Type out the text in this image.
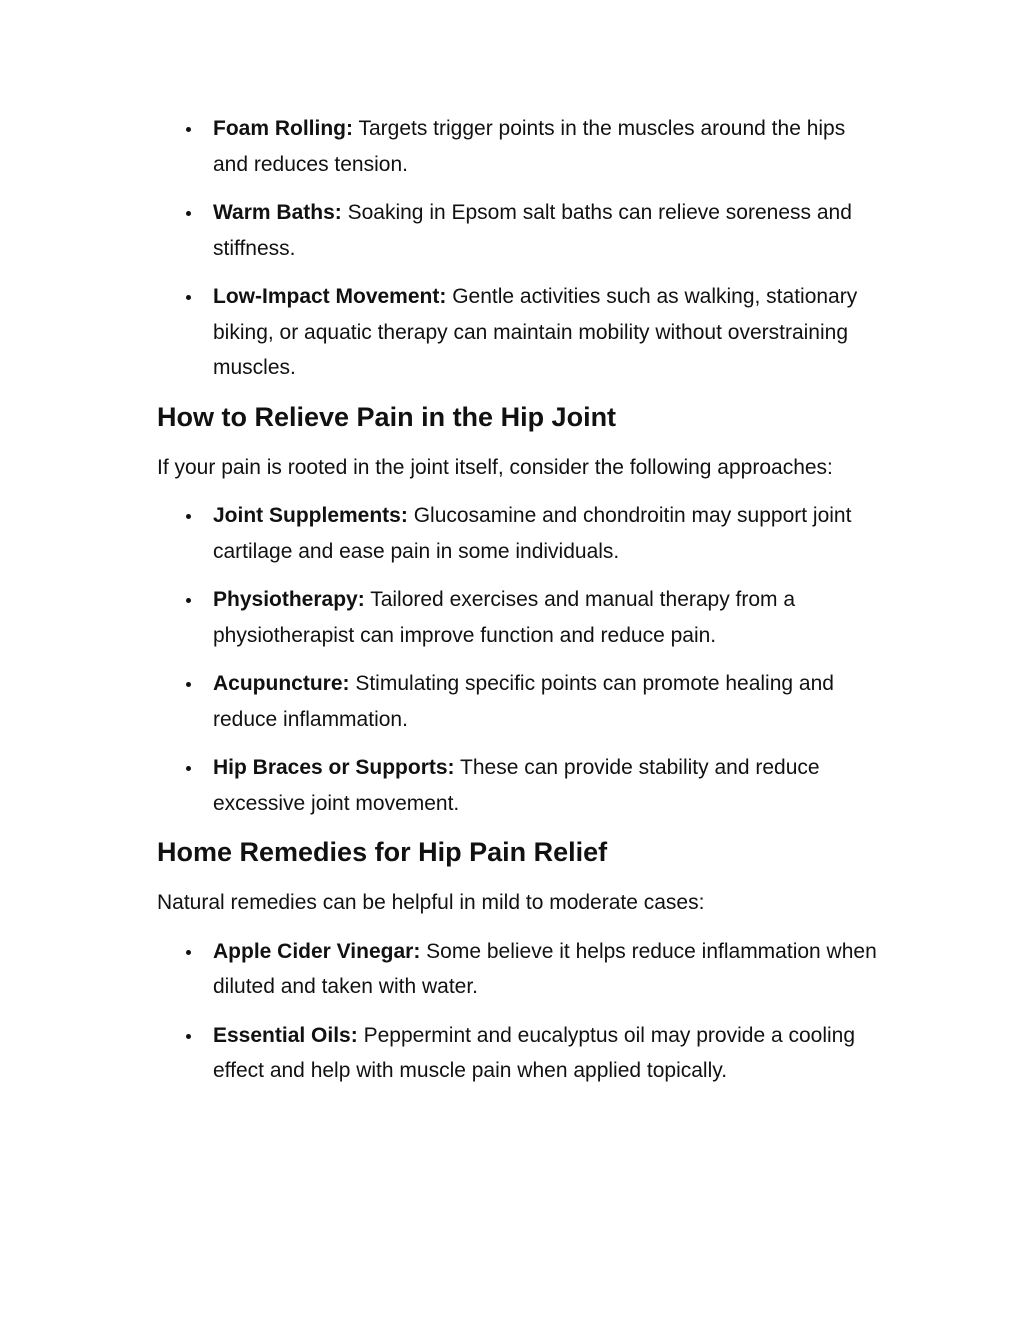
Foam Rolling: Targets trigger points in the muscles around the hips and reduces tension.
Warm Baths: Soaking in Epsom salt baths can relieve soreness and stiffness.
Low-Impact Movement: Gentle activities such as walking, stationary biking, or aquatic therapy can maintain mobility without overstraining muscles.
How to Relieve Pain in the Hip Joint

If your pain is rooted in the joint itself, consider the following approaches:

Joint Supplements: Glucosamine and chondroitin may support joint cartilage and ease pain in some individuals.
Physiotherapy: Tailored exercises and manual therapy from a physiotherapist can improve function and reduce pain.
Acupuncture: Stimulating specific points can promote healing and reduce inflammation.
Hip Braces or Supports: These can provide stability and reduce excessive joint movement.
Home Remedies for Hip Pain Relief

Natural remedies can be helpful in mild to moderate cases:

Apple Cider Vinegar: Some believe it helps reduce inflammation when diluted and taken with water.
Essential Oils: Peppermint and eucalyptus oil may provide a cooling effect and help with muscle pain when applied topically.
